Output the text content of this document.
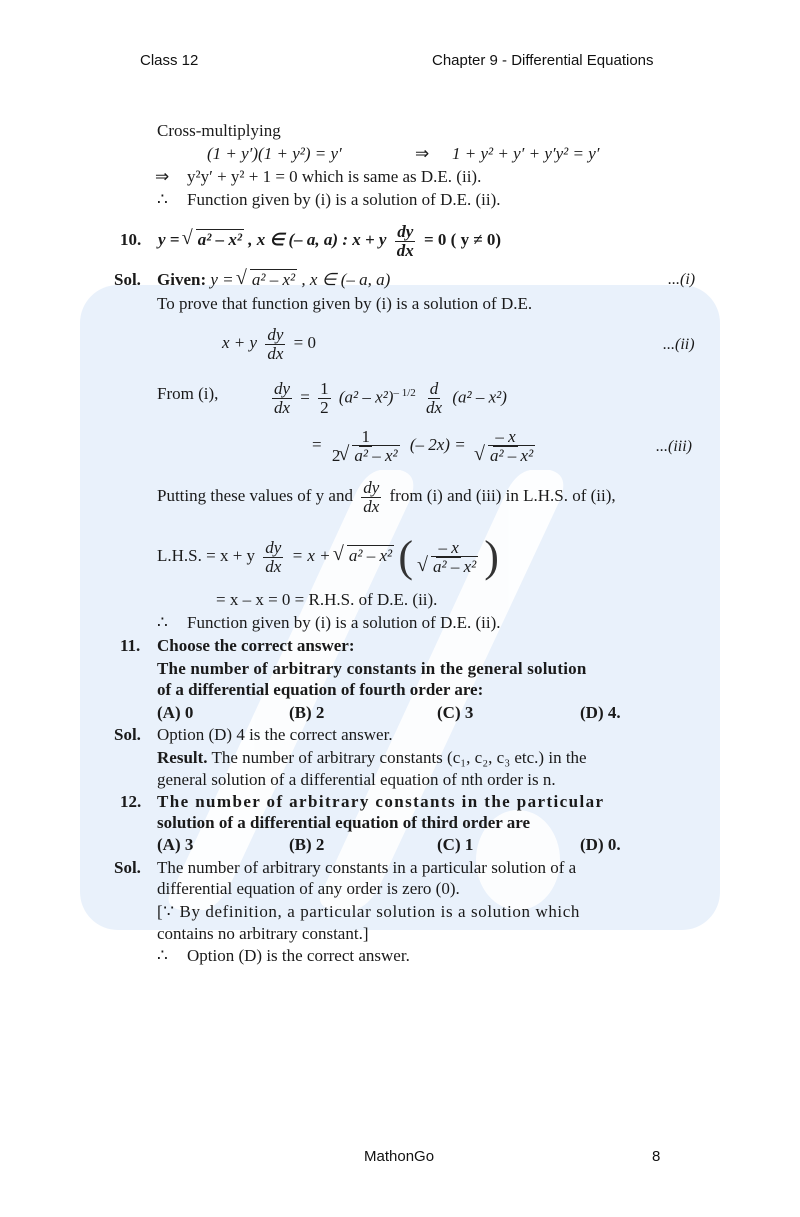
Class 12	Chapter 9 - Differential Equations
Cross-multiplying
(1 + y′)(1 + y²) = y′	⇒ 1 + y² + y′ + y′y² = y′
⇒ y²y′ + y² + 1 = 0 which is same as D.E. (ii).
∴ Function given by (i) is a solution of D.E. (ii).
10. y = √ a² – x² , x ∈ (– a, a) : x + y $\frac{dy}{dx} = 0$ ( y ≠ 0)
Sol. Given: y = √ a² – x² , x ∈ (– a, a)	...(i)
To prove that function given by (i) is a solution of D.E.
x + y $\frac{dy}{dx} = 0$	...(ii)
From (i),	$\frac{dy}{dx} = \frac{1}{2} (a^2 - x^2)^{- 1/2} \frac{d}{dx} (a^2 - x^2)$
= $\frac{1}{\text{2 √ a² – x²}}$ (– 2x) = – x
√ a² – x²	...(iii)
Putting these values of y and $\frac{dy}{dx}$ from (i) and (iii) in L.H.S. of (ii),
L.H.S. = x + y $\frac{dy}{dx} = x$ + √ a² – x² ( – x
√ a² – x² )
= x – x = 0 = R.H.S. of D.E. (ii).
∴ Function given by (i) is a solution of D.E. (ii).
11. Choose the correct answer:
The number of arbitrary constants in the general solution
of a differential equation of fourth order are:
(A) 0	(B) 2	(C) 3	(D) 4.
Sol. Option (D) 4 is the correct answer.
Result. The number of arbitrary constants (c₁, c₂, c₃ etc.) in the
general solution of a differential equation of nth order is n.
12. The number of arbitrary constants in the particular
solution of a differential equation of third order are
(A) 3	(B) 2	(C) 1	(D) 0.
Sol. The number of arbitrary constants in a particular solution of a
differential equation of any order is zero (0).
[∵ By definition, a particular solution is a solution which
contains no arbitrary constant.]
∴ Option (D) is the correct answer.
MathonGo	8
